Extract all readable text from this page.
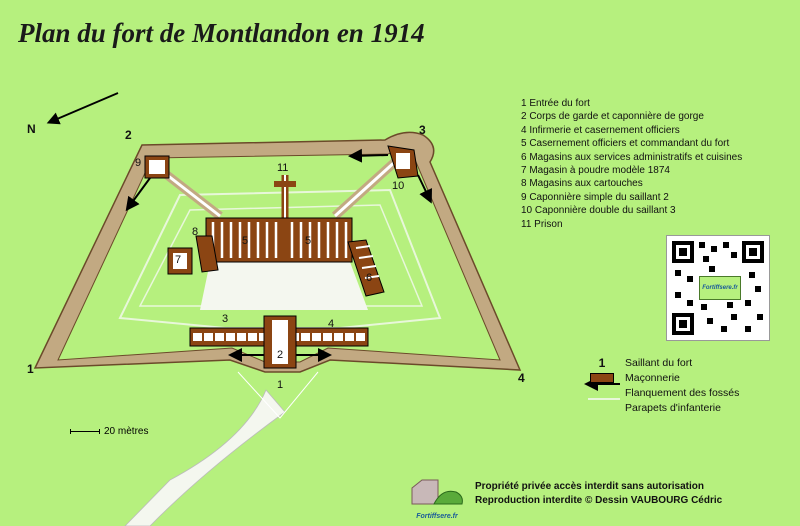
Plan du fort de Montlandon en 1914
11
9
10
8
7
5	5
6
3	4
2
1
N	2	3
1
4
1 Entrée du fort
2 Corps de garde et caponnière de gorge
4 Infirmerie et casernement officiers
5 Casernement officiers et commandant du fort
6 Magasins aux services administratifs et cuisines
7 Magasin à poudre modèle 1874
8 Magasins aux cartouches
9 Caponnière simple du saillant 2
10 Caponnière double du saillant 3
11 Prison
Fortiffsere.fr
1	Saillant du fort
Maçonnerie
Flanquement des fossés
Parapets d'infanterie
20 mètres
Fortiffsere.fr
Propriété privée accès interdit sans autorisation
Reproduction interdite © Dessin VAUBOURG Cédric
